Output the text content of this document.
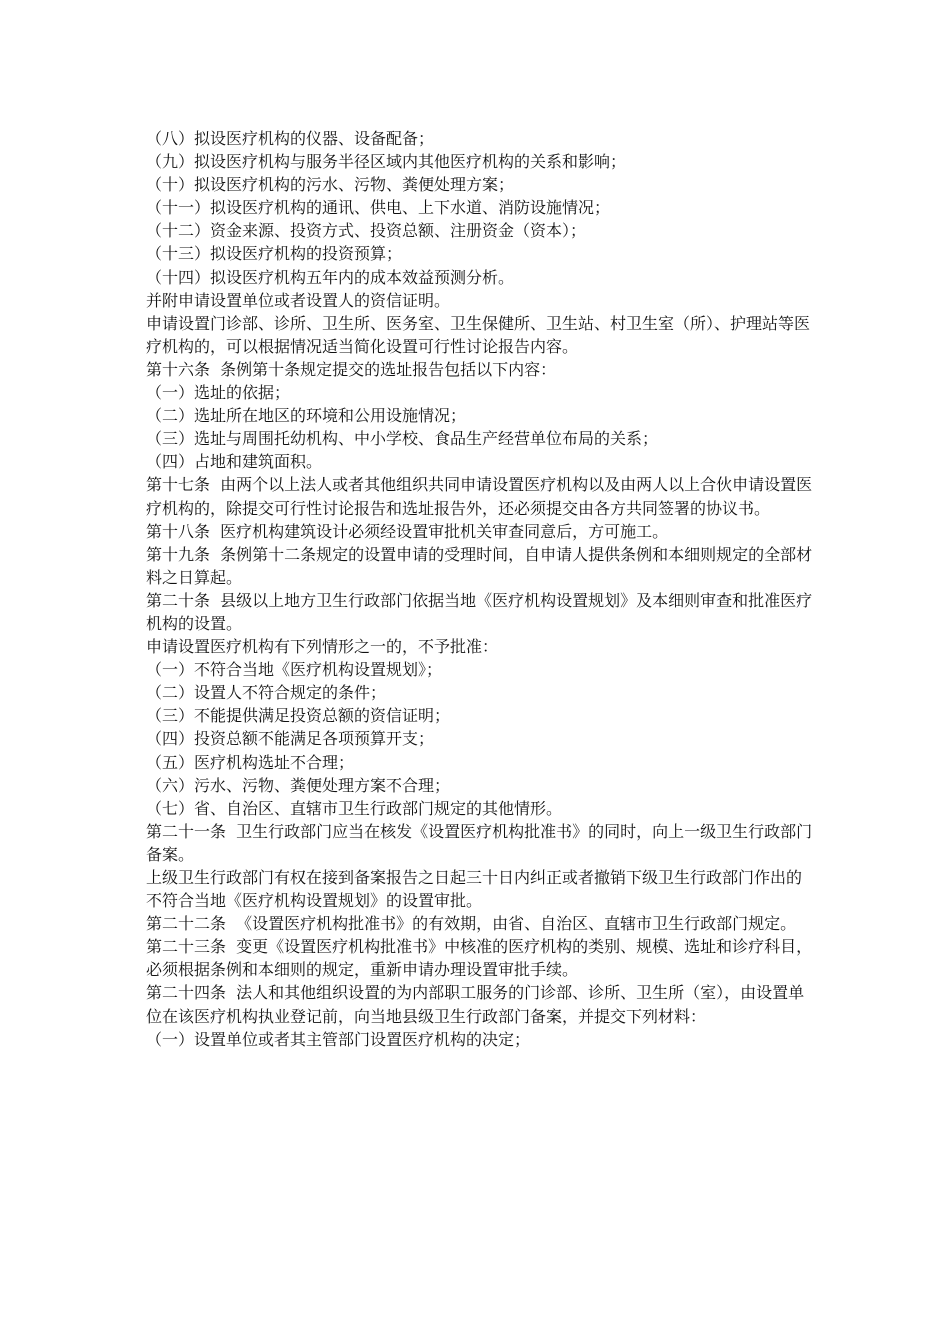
（八）拟设医疗机构的仪器、设备配备；

（九）拟设医疗机构与服务半径区域内其他医疗机构的关系和影响；

（十）拟设医疗机构的污水、污物、粪便处理方案；

（十一）拟设医疗机构的通讯、供电、上下水道、消防设施情况；

（十二）资金来源、投资方式、投资总额、注册资金（资本）；

（十三）拟设医疗机构的投资预算；

（十四）拟设医疗机构五年内的成本效益预测分析。

并附申请设置单位或者设置人的资信证明。

申请设置门诊部、诊所、卫生所、医务室、卫生保健所、卫生站、村卫生室（所）、护理站等医疗机构的，可以根据情况适当简化设置可行性讨论报告内容。

第十六条  条例第十条规定提交的选址报告包括以下内容：

（一）选址的依据；

（二）选址所在地区的环境和公用设施情况；

（三）选址与周围托幼机构、中小学校、食品生产经营单位布局的关系；

（四）占地和建筑面积。

第十七条  由两个以上法人或者其他组织共同申请设置医疗机构以及由两人以上合伙申请设置医疗机构的，除提交可行性讨论报告和选址报告外，还必须提交由各方共同签署的协议书。

第十八条  医疗机构建筑设计必须经设置审批机关审查同意后，方可施工。

第十九条  条例第十二条规定的设置申请的受理时间，自申请人提供条例和本细则规定的全部材料之日算起。

第二十条  县级以上地方卫生行政部门依据当地《医疗机构设置规划》及本细则审查和批准医疗机构的设置。

申请设置医疗机构有下列情形之一的，不予批准：

（一）不符合当地《医疗机构设置规划》；

（二）设置人不符合规定的条件；

（三）不能提供满足投资总额的资信证明；

（四）投资总额不能满足各项预算开支；

（五）医疗机构选址不合理；

（六）污水、污物、粪便处理方案不合理；

（七）省、自治区、直辖市卫生行政部门规定的其他情形。

第二十一条  卫生行政部门应当在核发《设置医疗机构批准书》的同时，向上一级卫生行政部门备案。

上级卫生行政部门有权在接到备案报告之日起三十日内纠正或者撤销下级卫生行政部门作出的不符合当地《医疗机构设置规划》的设置审批。

第二十二条  《设置医疗机构批准书》的有效期，由省、自治区、直辖市卫生行政部门规定。

第二十三条  变更《设置医疗机构批准书》中核准的医疗机构的类别、规模、选址和诊疗科目，必须根据条例和本细则的规定，重新申请办理设置审批手续。

第二十四条  法人和其他组织设置的为内部职工服务的门诊部、诊所、卫生所（室），由设置单位在该医疗机构执业登记前，向当地县级卫生行政部门备案，并提交下列材料：

（一）设置单位或者其主管部门设置医疗机构的决定；
